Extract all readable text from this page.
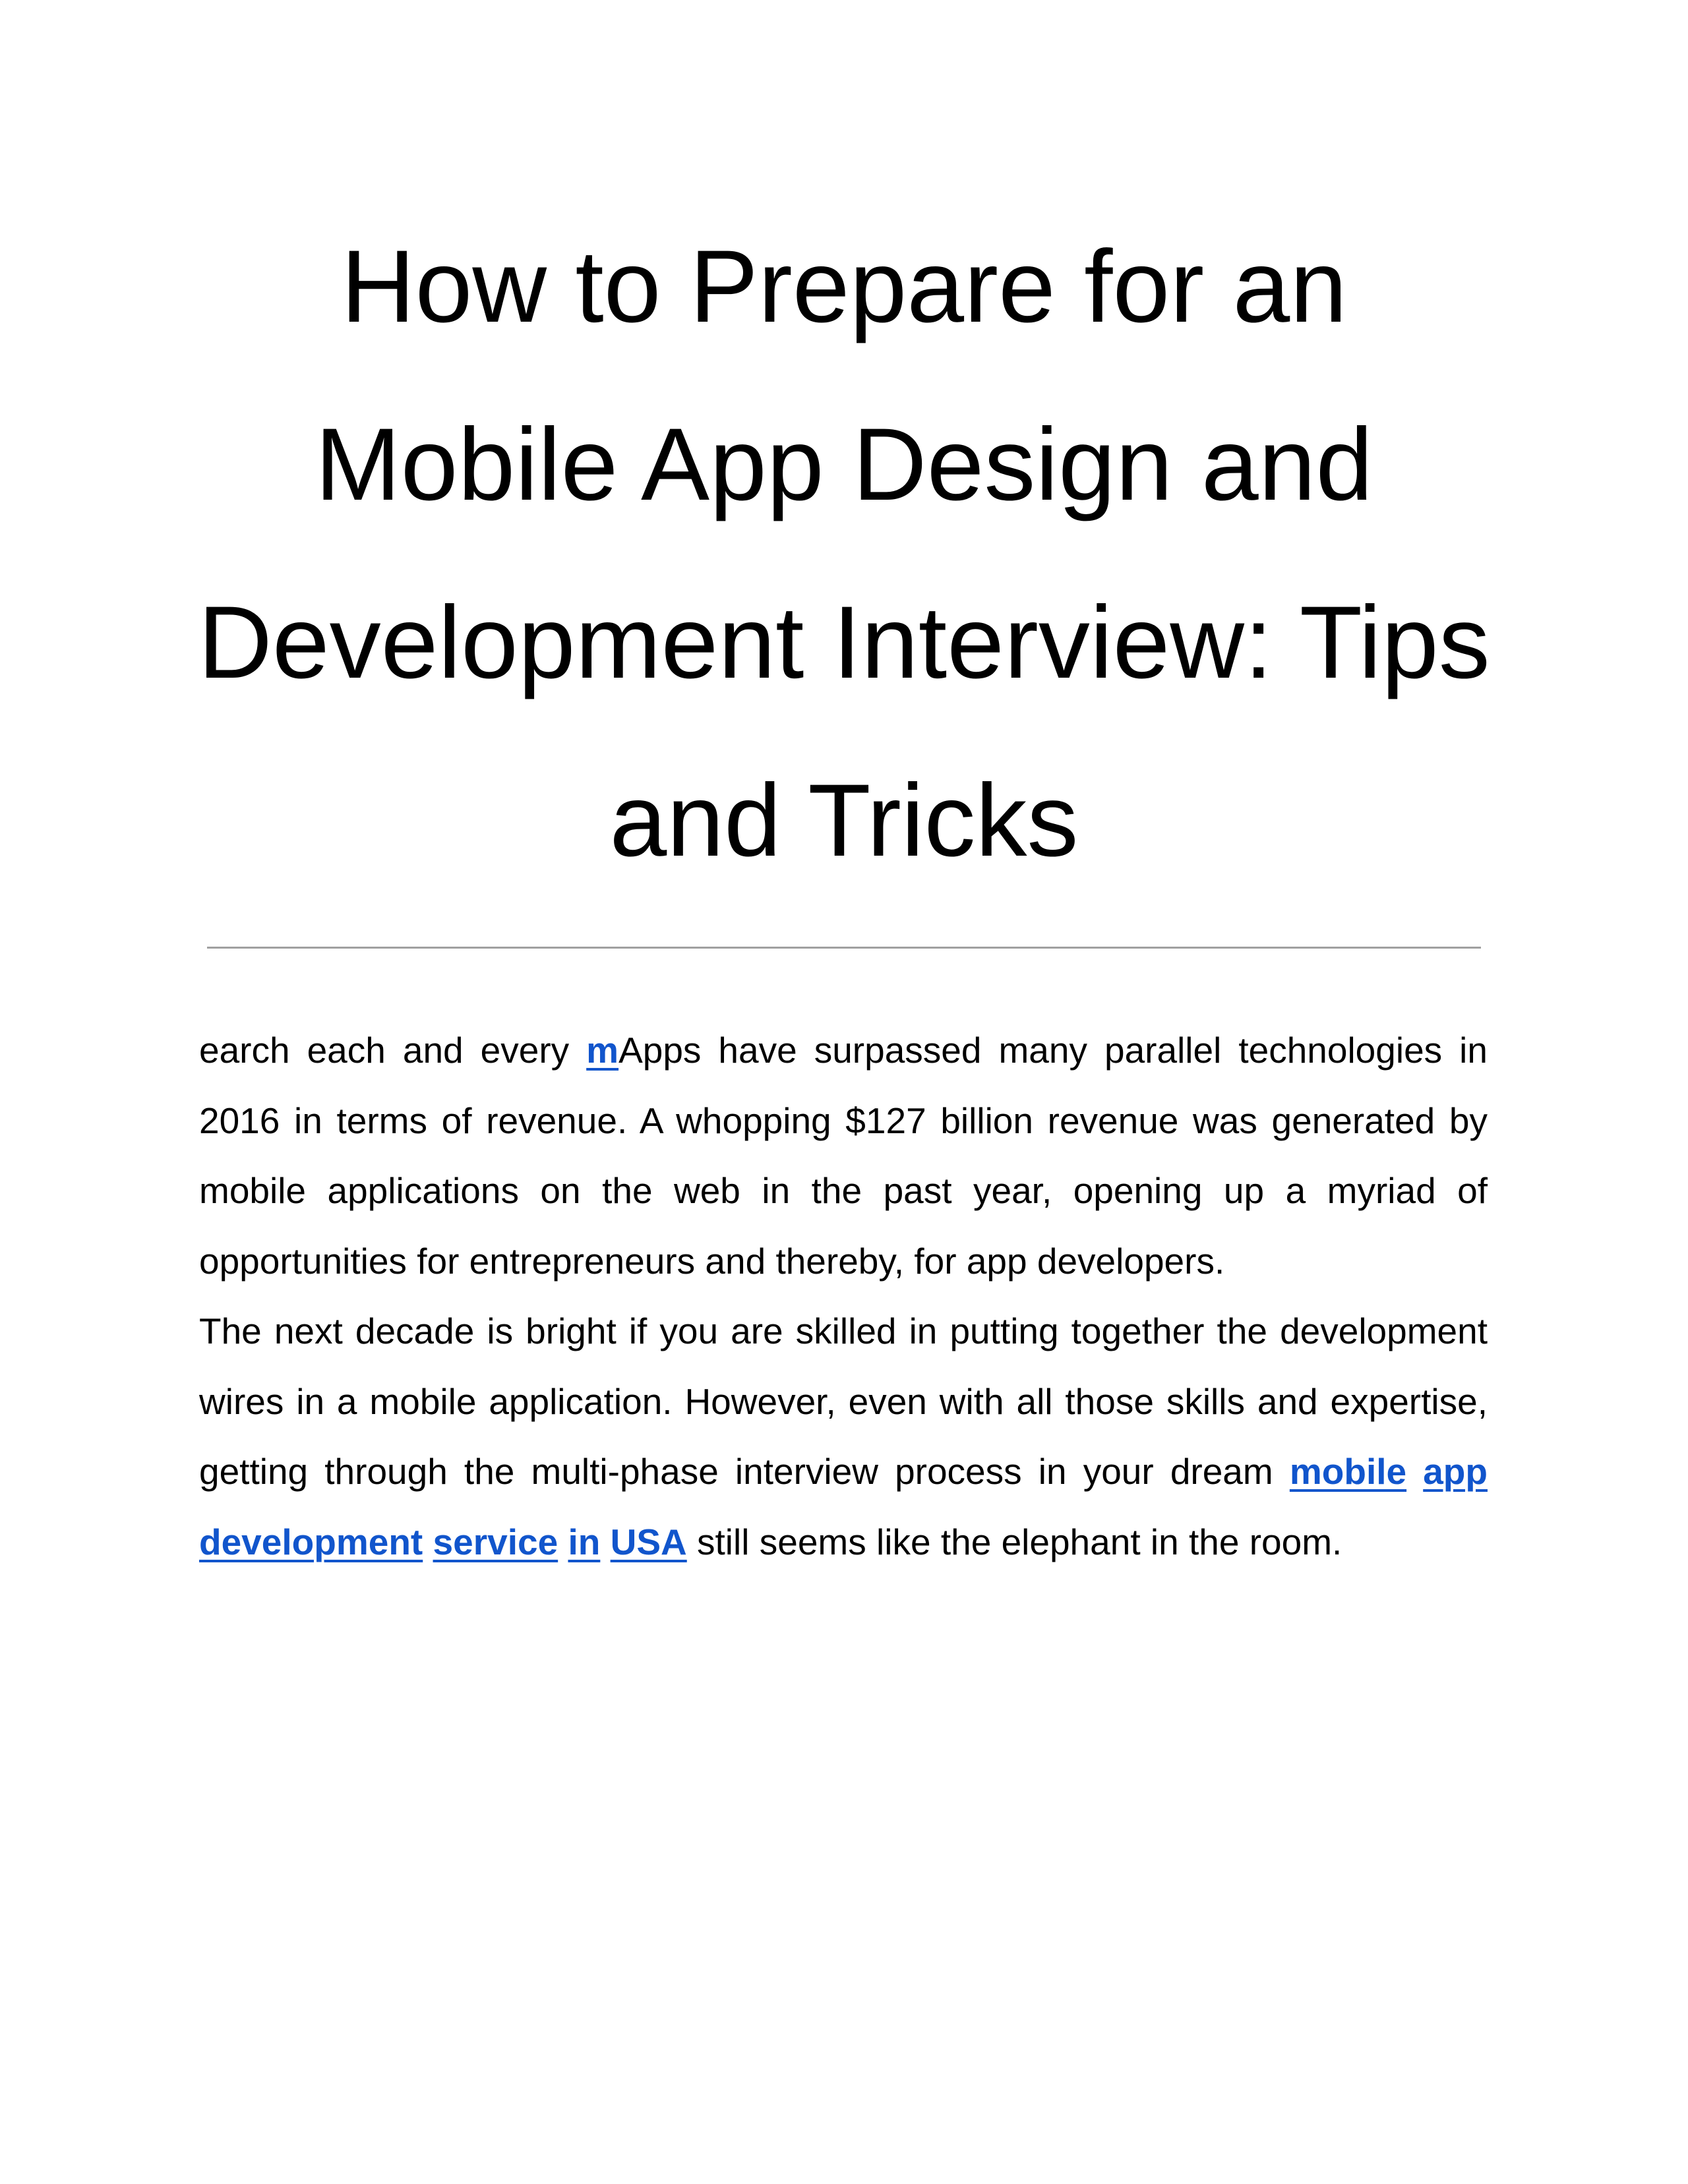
How to Prepare for an
Mobile App Design and
Development Interview: Tips
and Tricks

earch each and every mApps have surpassed many parallel technologies in 2016 in terms of revenue. A whopping $127 billion revenue was generated by mobile applications on the web in the past year, opening up a myriad of opportunities for entrepreneurs and thereby, for app developers.

The next decade is bright if you are skilled in putting together the development wires in a mobile application. However, even with all those skills and expertise, getting through the multi-phase interview process in your dream mobile app development service in USA still seems like the elephant in the room.
